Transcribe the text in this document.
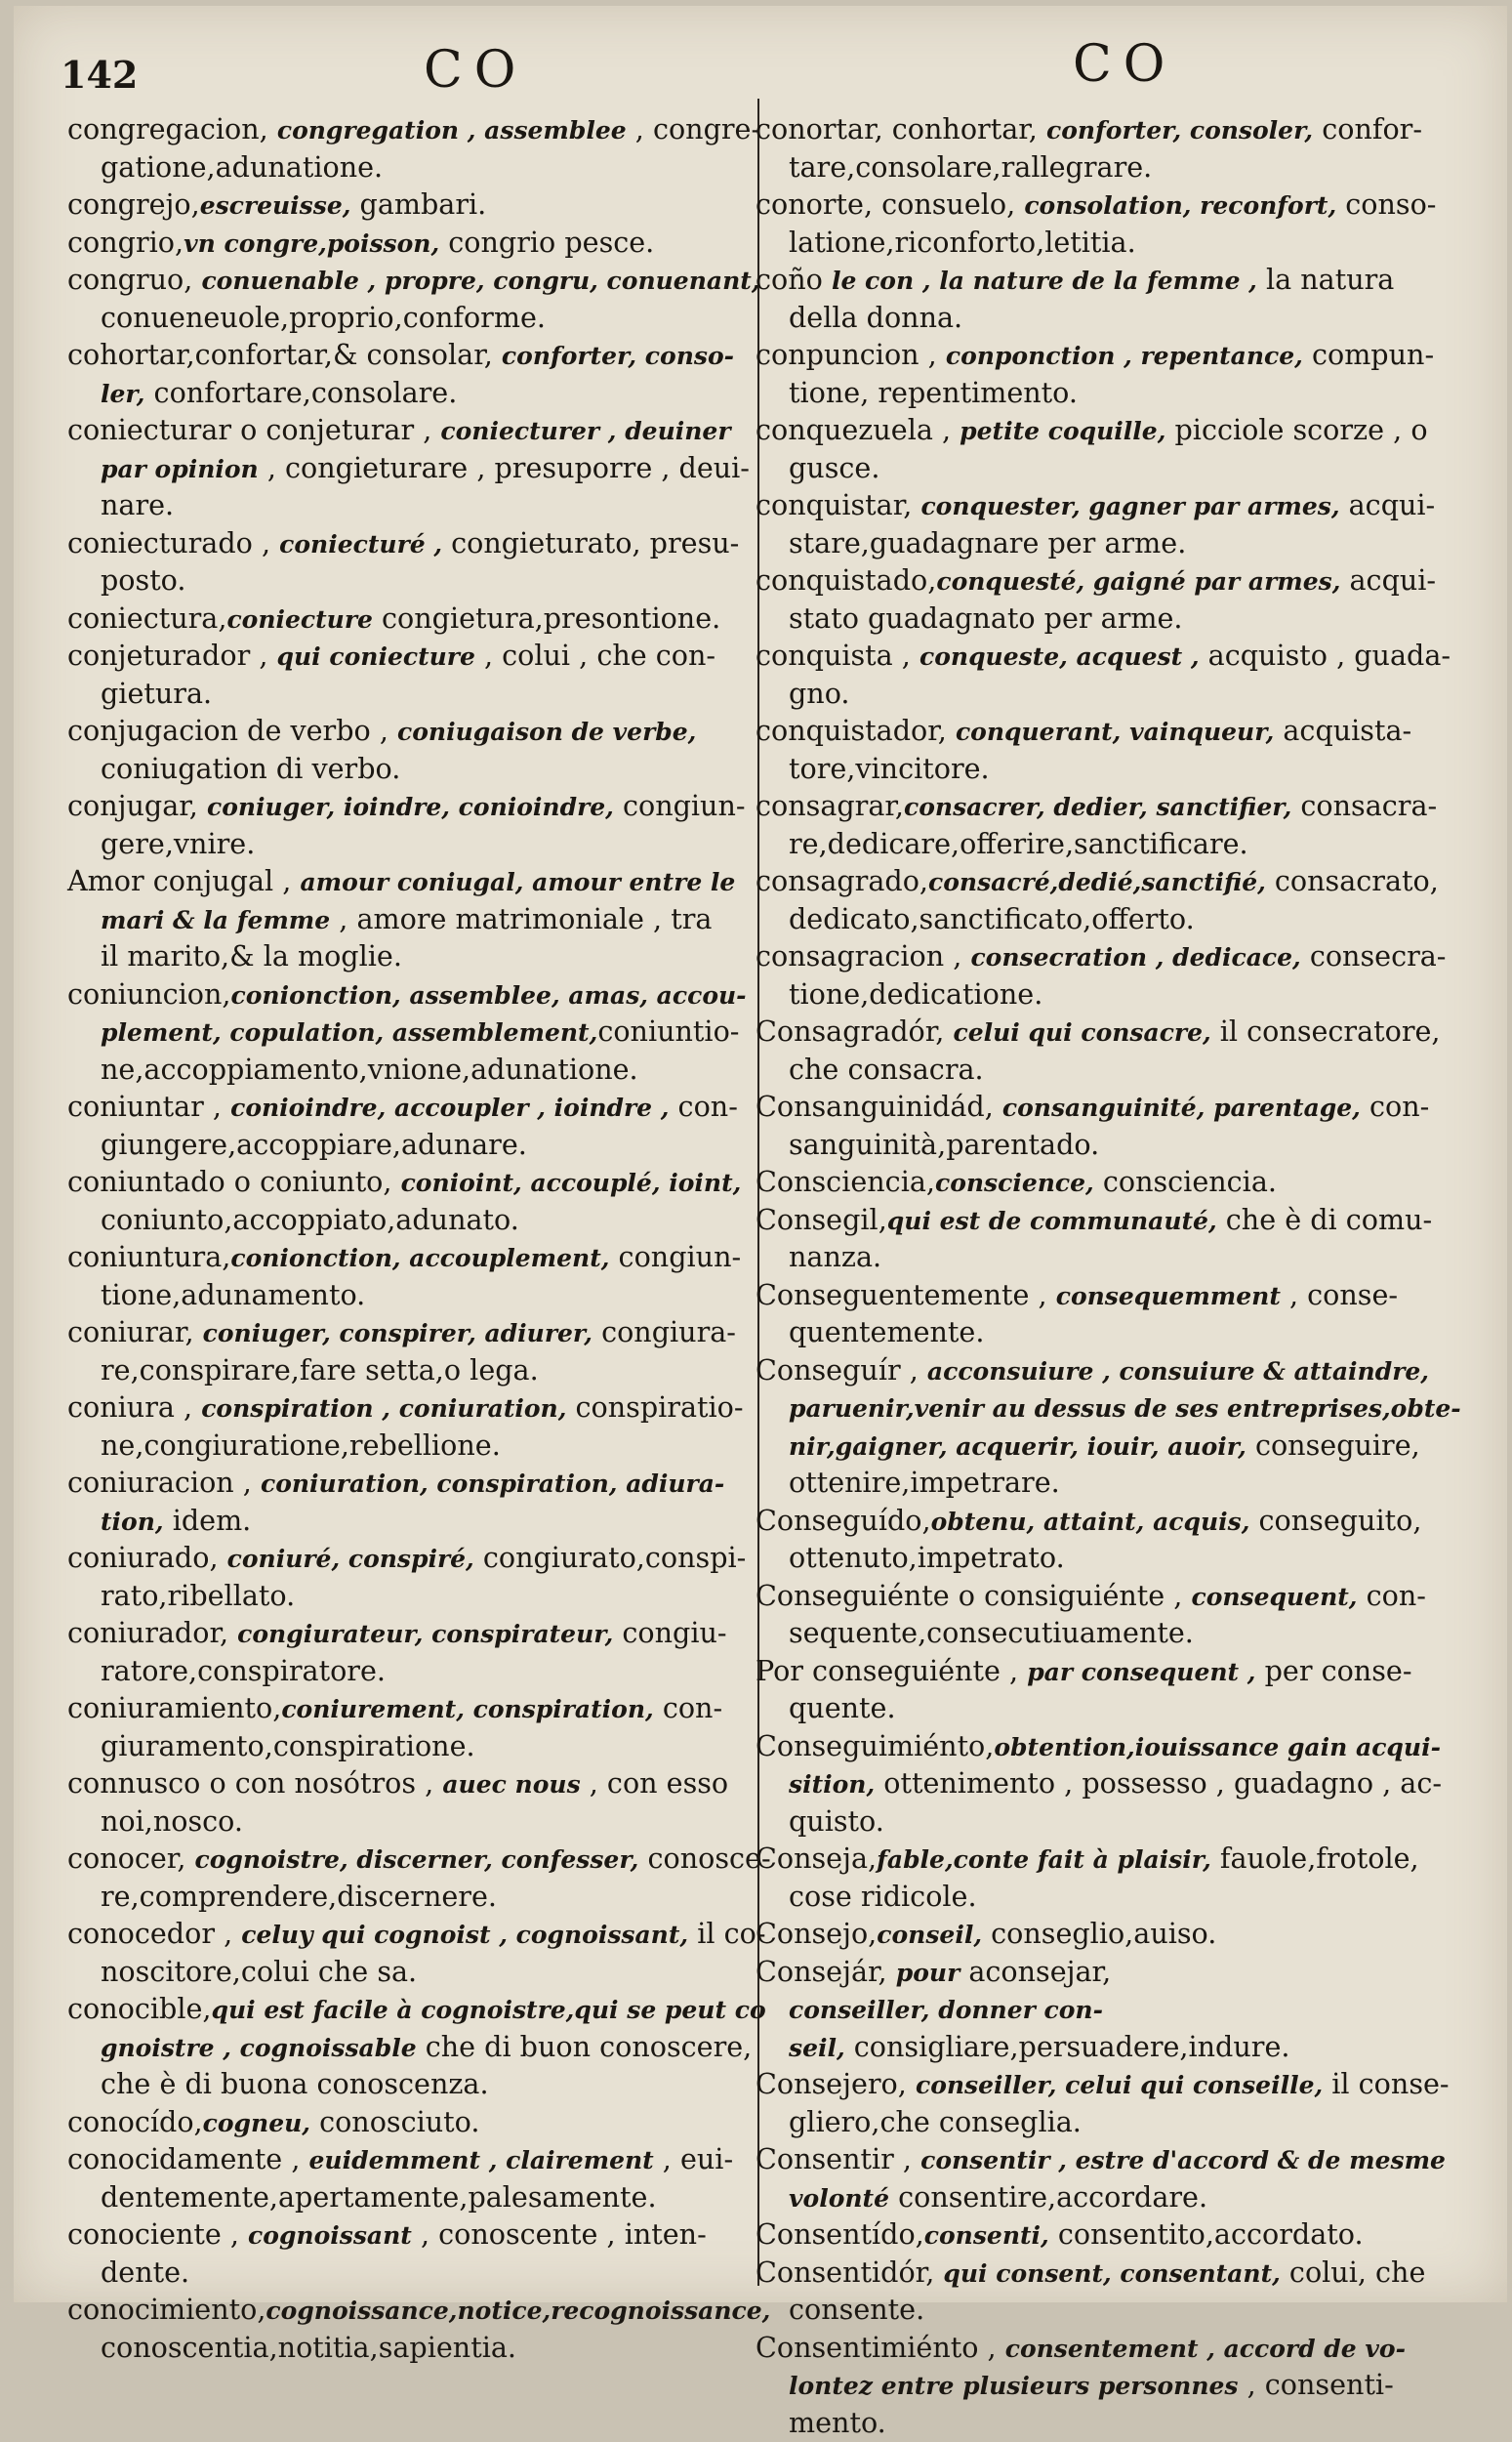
142	CO	CO

congregacion, congregation , assemblee , congre-

gatione,adunatione.

congrejo,escreuisse, gambari.

congrio,vn congre,poisson, congrio pesce.

congruo, conuenable , propre, congru, conuenant,

conueneuole,proprio,conforme.

cohortar,confortar,& consolar, conforter, conso-

ler, confortare,consolare.

coniecturar o conjeturar , coniecturer , deuiner

par opinion , congieturare , presuporre , deui-

nare.

coniecturado , coniecturé , congieturato, presu-

posto.

coniectura,coniecture congietura,presontione.

conjeturador , qui coniecture , colui , che con-

gietura.

conjugacion de verbo , coniugaison de verbe,

coniugation di verbo.

conjugar, coniuger, ioindre, conioindre, congiun-

gere,vnire.

Amor conjugal , amour coniugal, amour entre le

mari & la femme , amore matrimoniale , tra

il marito,& la moglie.

coniuncion,conionction, assemblee, amas, accou-

plement, copulation, assemblement,coniuntio-

ne,accoppiamento,vnione,adunatione.

coniuntar , conioindre, accoupler , ioindre , con-

giungere,accoppiare,adunare.

coniuntado o coniunto, conioint, accouplé, ioint,

coniunto,accoppiato,adunato.

coniuntura,conionction, accouplement, congiun-

tione,adunamento.

coniurar, coniuger, conspirer, adiurer, congiura-

re,conspirare,fare setta,o lega.

coniura , conspiration , coniuration, conspiratio-

ne,congiuratione,rebellione.

coniuracion , coniuration, conspiration, adiura-

tion, idem.

coniurado, coniuré, conspiré, congiurato,conspi-

rato,ribellato.

coniurador, congiurateur, conspirateur, congiu-

ratore,conspiratore.

coniuramiento,coniurement, conspiration, con-

giuramento,conspiratione.

connusco o con nosótros , auec nous , con esso

noi,nosco.

conocer, cognoistre, discerner, confesser, conosce-

re,comprendere,discernere.

conocedor , celuy qui cognoist , cognoissant, il co-

noscitore,colui che sa.

conocible,qui est facile à cognoistre,qui se peut co

gnoistre , cognoissable che di buon conoscere,

che è di buona conoscenza.

conocído,cogneu, conosciuto.

conocidamente , euidemment , clairement , eui-

dentemente,apertamente,palesamente.

conociente , cognoissant , conoscente , inten-

dente.

conocimiento,cognoissance,notice,recognoissance,

conoscentia,notitia,sapientia.

conortar, conhortar, conforter, consoler, confor-

tare,consolare,rallegrare.

conorte, consuelo, consolation, reconfort, conso-

latione,riconforto,letitia.

coño le con , la nature de la femme , la natura

della donna.

conpuncion , conponction , repentance, compun-

tione, repentimento.

conquezuela , petite coquille, picciole scorze , o

gusce.

conquistar, conquester, gagner par armes, acqui-

stare,guadagnare per arme.

conquistado,conquesté, gaigné par armes, acqui-

stato guadagnato per arme.

conquista , conqueste, acquest , acquisto , guada-

gno.

conquistador, conquerant, vainqueur, acquista-

tore,vincitore.

consagrar,consacrer, dedier, sanctifier, consacra-

re,dedicare,offerire,sanctificare.

consagrado,consacré,dedié,sanctifié, consacrato,

dedicato,sanctificato,offerto.

consagracion , consecration , dedicace, consecra-

tione,dedicatione.

Consagradór, celui qui consacre, il consecratore,

che consacra.

Consanguinidád, consanguinité, parentage, con-

sanguinità,parentado.

Consciencia,conscience, consciencia.

Consegil,qui est de communauté, che è di comu-

nanza.

Conseguentemente , consequemment , conse-

quentemente.

Conseguír , acconsuiure , consuiure & attaindre,

paruenir,venir au dessus de ses entreprises,obte-

nir,gaigner, acquerir, iouir, auoir, conseguire,

ottenire,impetrare.

Conseguído,obtenu, attaint, acquis, conseguito,

ottenuto,impetrato.

Conseguiénte o consiguiénte , consequent, con-

sequente,consecutiuamente.

Por conseguiénte , par consequent , per conse-

quente.

Conseguimiénto,obtention,iouissance gain acqui-

sition, ottenimento , possesso , guadagno , ac-

quisto.

Conseja,fable,conte fait à plaisir, fauole,frotole,

cose ridicole.

Consejo,conseil, conseglio,auiso.

Consejár, pour aconsejar,

conseiller, donner con-

seil, consigliare,persuadere,indure.

Consejero, conseiller, celui qui conseille, il conse-

gliero,che conseglia.

Consentir , consentir , estre d'accord & de mesme

volonté consentire,accordare.

Consentído,consenti, consentito,accordato.

Consentidór, qui consent, consentant, colui, che

consente.

Consentimiénto , consentement , accord de vo-

lontez entre plusieurs personnes , consenti-

mento.
